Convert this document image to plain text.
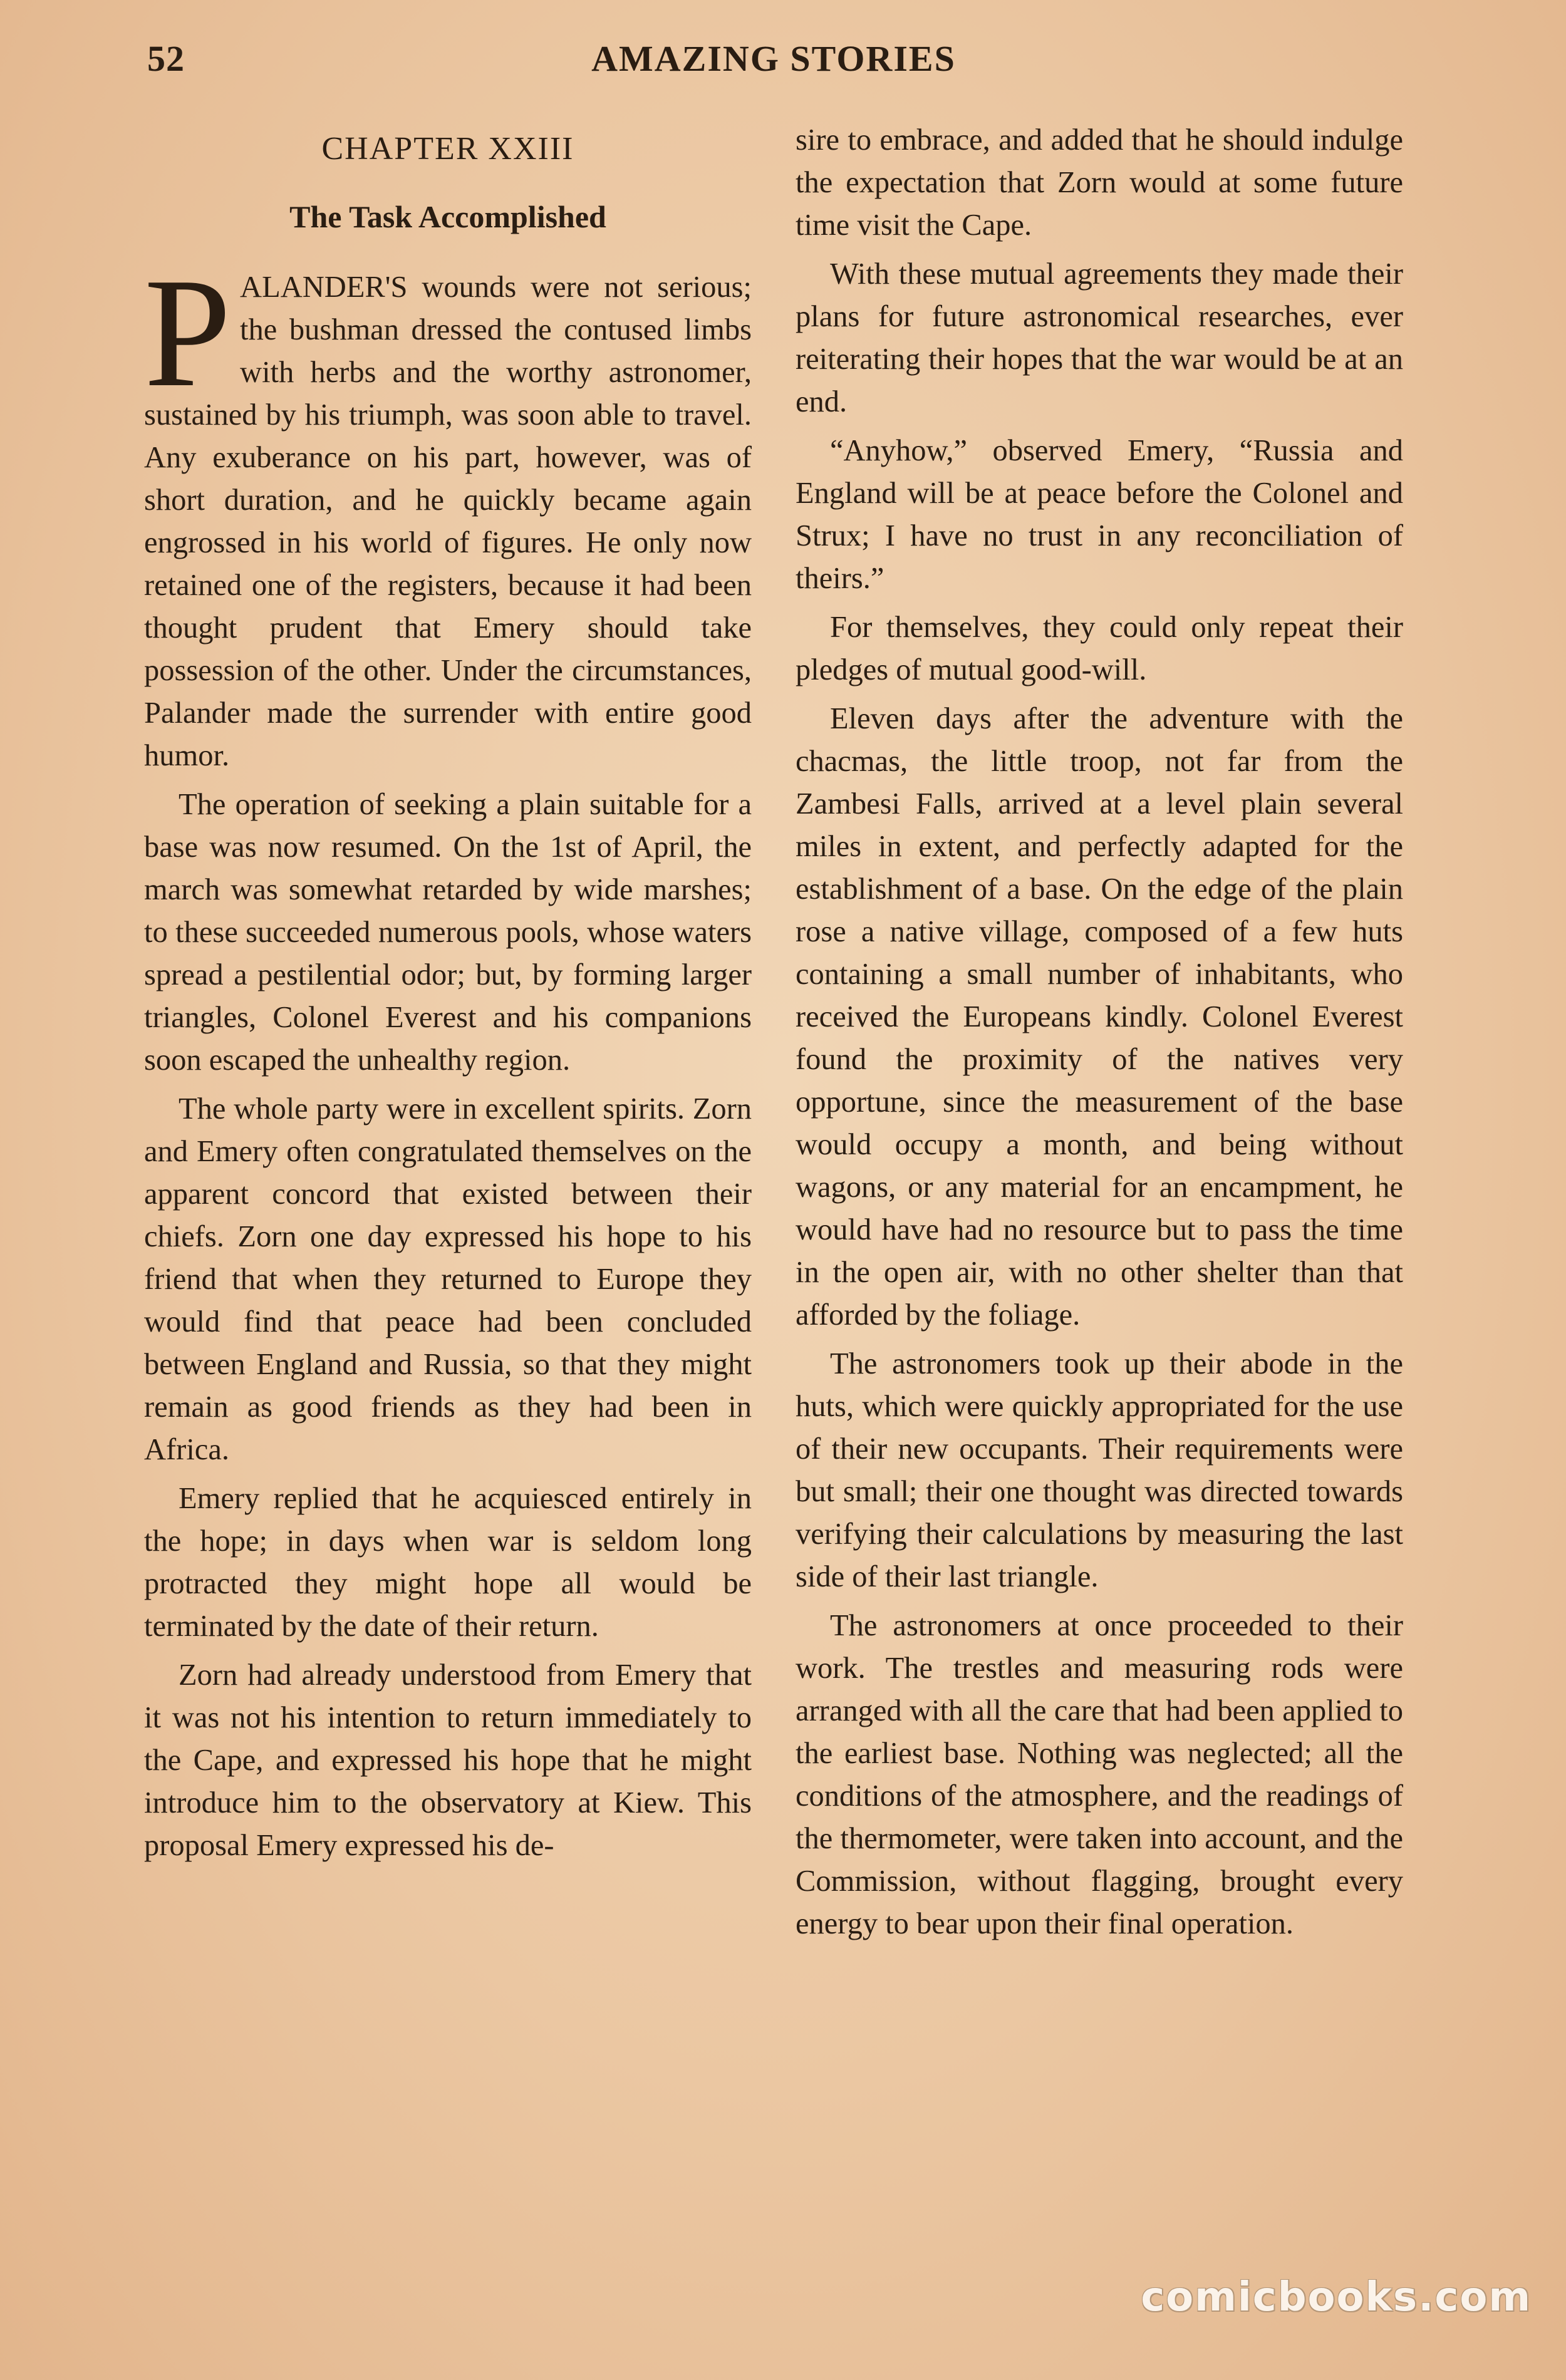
52	AMAZING STORIES
CHAPTER XXIII
The Task Accomplished

PALANDER'S wounds were not serious; the bushman dressed the contused limbs with herbs and the worthy astronomer, sustained by his triumph, was soon able to travel. Any exuberance on his part, however, was of short duration, and he quickly became again engrossed in his world of figures. He only now retained one of the registers, because it had been thought prudent that Emery should take possession of the other. Under the circumstances, Palander made the surrender with entire good humor.

The operation of seeking a plain suitable for a base was now resumed. On the 1st of April, the march was somewhat retarded by wide marshes; to these succeeded numerous pools, whose waters spread a pestilential odor; but, by forming larger triangles, Colonel Everest and his companions soon escaped the unhealthy region.

The whole party were in excellent spirits. Zorn and Emery often congratulated themselves on the apparent concord that existed between their chiefs. Zorn one day expressed his hope to his friend that when they returned to Europe they would find that peace had been concluded between England and Russia, so that they might remain as good friends as they had been in Africa.

Emery replied that he acquiesced entirely in the hope; in days when war is seldom long protracted they might hope all would be terminated by the date of their return.

Zorn had already understood from Emery that it was not his intention to return immediately to the Cape, and expressed his hope that he might introduce him to the observatory at Kiew. This proposal Emery expressed his de-

sire to embrace, and added that he should indulge the expectation that Zorn would at some future time visit the Cape.

With these mutual agreements they made their plans for future astronomical researches, ever reiterating their hopes that the war would be at an end.

“Anyhow,” observed Emery, “Russia and England will be at peace before the Colonel and Strux; I have no trust in any reconciliation of theirs.”

For themselves, they could only repeat their pledges of mutual good-will.

Eleven days after the adventure with the chacmas, the little troop, not far from the Zambesi Falls, arrived at a level plain several miles in extent, and perfectly adapted for the establishment of a base. On the edge of the plain rose a native village, composed of a few huts containing a small number of inhabitants, who received the Europeans kindly. Colonel Everest found the proximity of the natives very opportune, since the measurement of the base would occupy a month, and being without wagons, or any material for an encampment, he would have had no resource but to pass the time in the open air, with no other shelter than that afforded by the foliage.

The astronomers took up their abode in the huts, which were quickly appropriated for the use of their new occupants. Their requirements were but small; their one thought was directed towards verifying their calculations by measuring the last side of their last triangle.

The astronomers at once proceeded to their work. The trestles and measuring rods were arranged with all the care that had been applied to the earliest base. Nothing was neglected; all the conditions of the atmosphere, and the readings of the thermometer, were taken into account, and the Commission, without flagging, brought every energy to bear upon their final operation.

comicbooks.com
